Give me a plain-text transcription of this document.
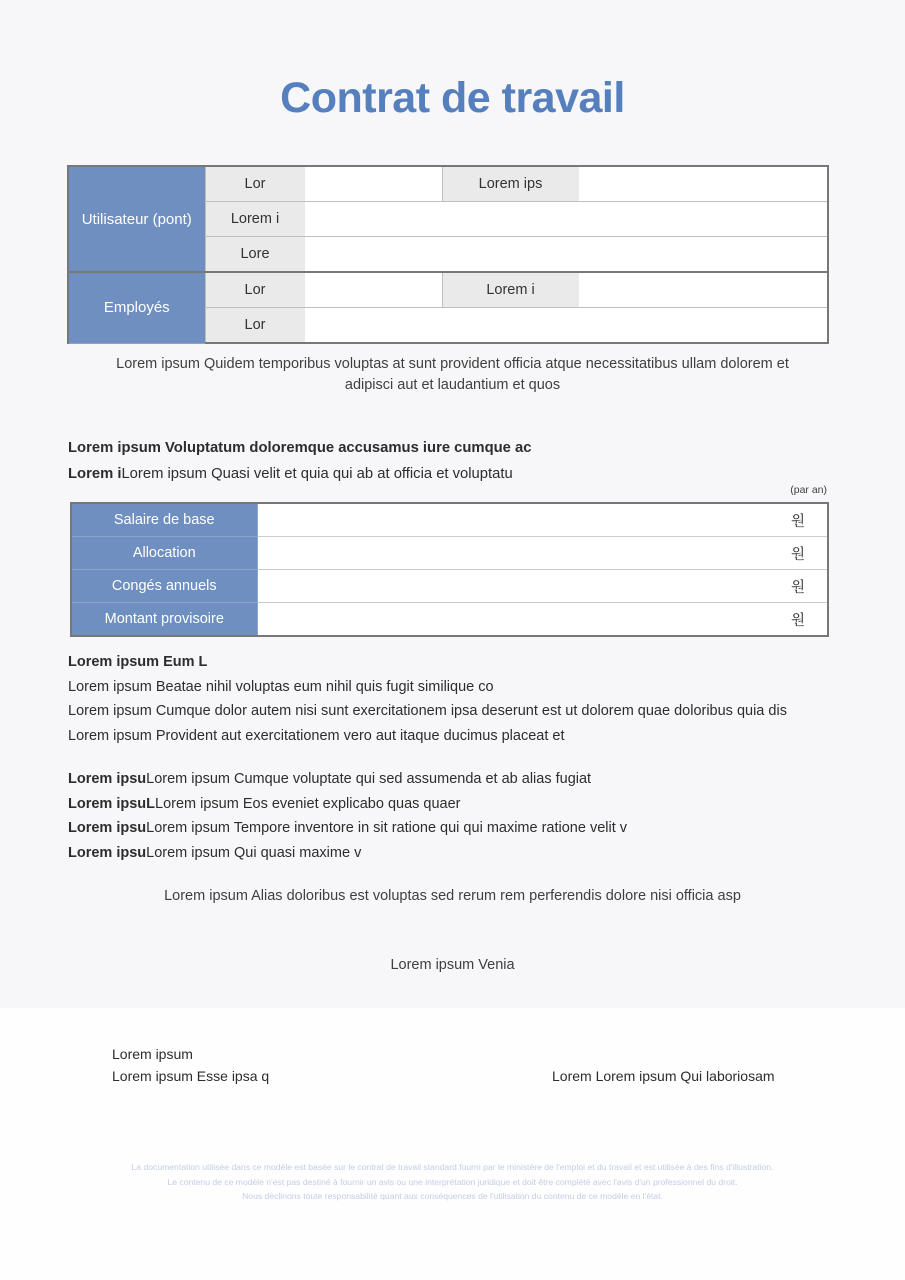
Contrat de travail
Utilisateur (pont)	Lor		Lorem ips	
	Lorem i			
	Lore			
Employés	Lor		Lorem i	
	Lor			
Lorem ipsum Quidem temporibus voluptas at sunt provident officia atque necessitatibus ullam dolorem et adipisci aut et laudantium et quos
Lorem ipsum Voluptatum doloremque accusamus iure cumque ac
Lorem iLorem ipsum Quasi velit et quia qui ab at officia et voluptatu
(par an)
Salaire de base	원
Allocation	원
Congés annuels	원
Montant provisoire	원
Lorem ipsum Eum L
Lorem ipsum Beatae nihil voluptas eum nihil quis fugit similique co
Lorem ipsum Cumque dolor autem nisi sunt exercitationem ipsa deserunt est ut dolorem quae doloribus quia dis
Lorem ipsum Provident aut exercitationem vero aut itaque ducimus placeat et
Lorem ipsuLorem ipsum Cumque voluptate qui sed assumenda et ab alias fugiat
Lorem ipsuLLorem ipsum Eos eveniet explicabo quas quaer
Lorem ipsuLorem ipsum Tempore inventore in sit ratione qui qui maxime ratione velit v
Lorem ipsuLorem ipsum Qui quasi maxime v
Lorem ipsum Alias doloribus est voluptas sed rerum rem perferendis dolore nisi officia asp
Lorem ipsum Venia
Lorem ipsum
Lorem ipsum Esse ipsa q	Lorem Lorem ipsum Qui laboriosam
La documentation utilisée dans ce modèle est basée sur le contrat de travail standard fourni par le ministère de l'emploi et du travail et est utilisée à des fins d'illustration.
Le contenu de ce modèle n'est pas destiné à fournir un avis ou une interprétation juridique et doit être complété avec l'avis d'un professionnel du droit.
Nous déclinons toute responsabilité quant aux conséquences de l'utilisation du contenu de ce modèle en l'état.
